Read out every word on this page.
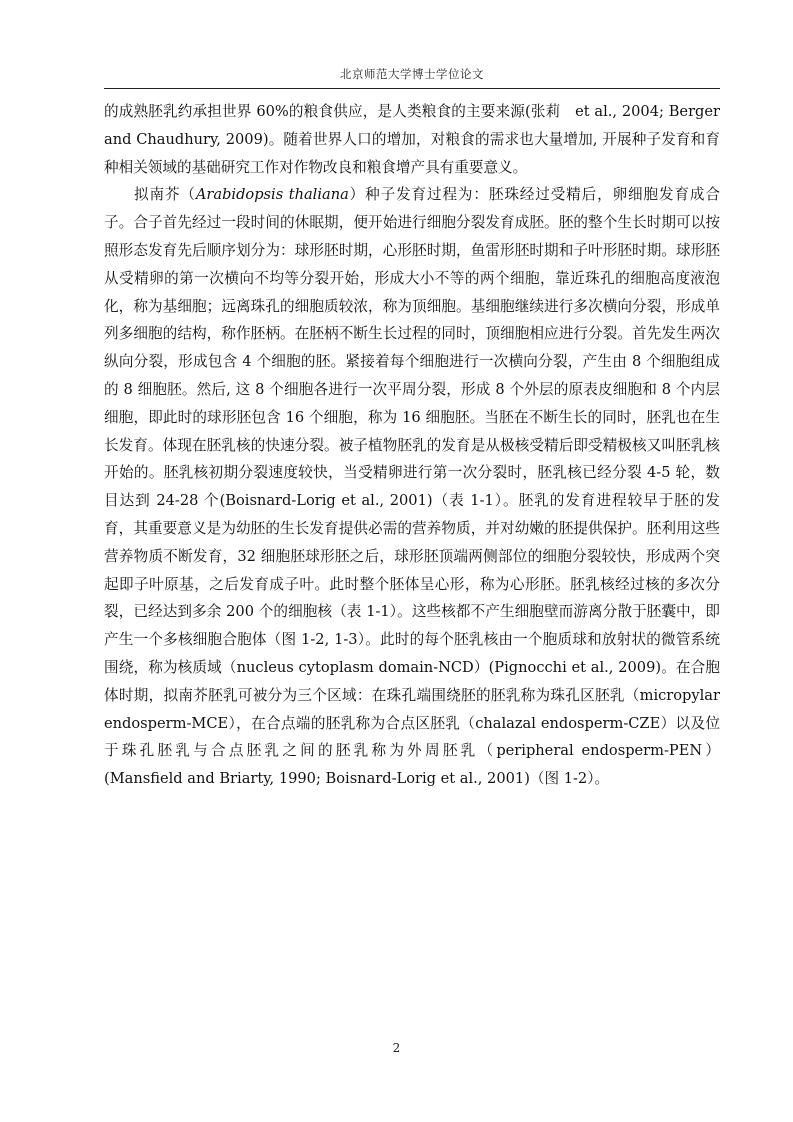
北京师范大学博士学位论文

的成熟胚乳约承担世界 60%的粮食供应，是人类粮食的主要来源(张莉　et al., 2004; Berger and Chaudhury, 2009)。随着世界人口的增加，对粮食的需求也大量增加, 开展种子发育和育种相关领域的基础研究工作对作物改良和粮食增产具有重要意义。

拟南芥（Arabidopsis thaliana）种子发育过程为：胚珠经过受精后，卵细胞发育成合子。合子首先经过一段时间的休眠期，便开始进行细胞分裂发育成胚。胚的整个生长时期可以按照形态发育先后顺序划分为：球形胚时期，心形胚时期，鱼雷形胚时期和子叶形胚时期。球形胚从受精卵的第一次横向不均等分裂开始，形成大小不等的两个细胞，靠近珠孔的细胞高度液泡化，称为基细胞；远离珠孔的细胞质较浓，称为顶细胞。基细胞继续进行多次横向分裂，形成单列多细胞的结构，称作胚柄。在胚柄不断生长过程的同时，顶细胞相应进行分裂。首先发生两次纵向分裂，形成包含 4 个细胞的胚。紧接着每个细胞进行一次横向分裂，产生由 8 个细胞组成的 8 细胞胚。然后, 这 8 个细胞各进行一次平周分裂，形成 8 个外层的原表皮细胞和 8 个内层细胞，即此时的球形胚包含 16 个细胞，称为 16 细胞胚。当胚在不断生长的同时，胚乳也在生长发育。体现在胚乳核的快速分裂。被子植物胚乳的发育是从极核受精后即受精极核又叫胚乳核开始的。胚乳核初期分裂速度较快，当受精卵进行第一次分裂时，胚乳核已经分裂 4-5 轮，数目达到 24-28 个(Boisnard-Lorig et al., 2001)（表 1-1）。胚乳的发育进程较早于胚的发育，其重要意义是为幼胚的生长发育提供必需的营养物质，并对幼嫩的胚提供保护。胚利用这些营养物质不断发育，32 细胞胚球形胚之后，球形胚顶端两侧部位的细胞分裂较快，形成两个突起即子叶原基，之后发育成子叶。此时整个胚体呈心形，称为心形胚。胚乳核经过核的多次分裂，已经达到多余 200 个的细胞核（表 1-1）。这些核都不产生细胞壁而游离分散于胚囊中，即产生一个多核细胞合胞体（图 1-2, 1-3）。此时的每个胚乳核由一个胞质球和放射状的微管系统围绕，称为核质域（nucleus cytoplasm domain-NCD）(Pignocchi et al., 2009)。在合胞体时期，拟南芥胚乳可被分为三个区域：在珠孔端围绕胚的胚乳称为珠孔区胚乳（micropylar endosperm-MCE），在合点端的胚乳称为合点区胚乳（chalazal endosperm-CZE）以及位于珠孔胚乳与合点胚乳之间的胚乳称为外周胚乳（peripheral endosperm-PEN）(Mansfield and Briarty, 1990; Boisnard-Lorig et al., 2001)（图 1-2）。

2
